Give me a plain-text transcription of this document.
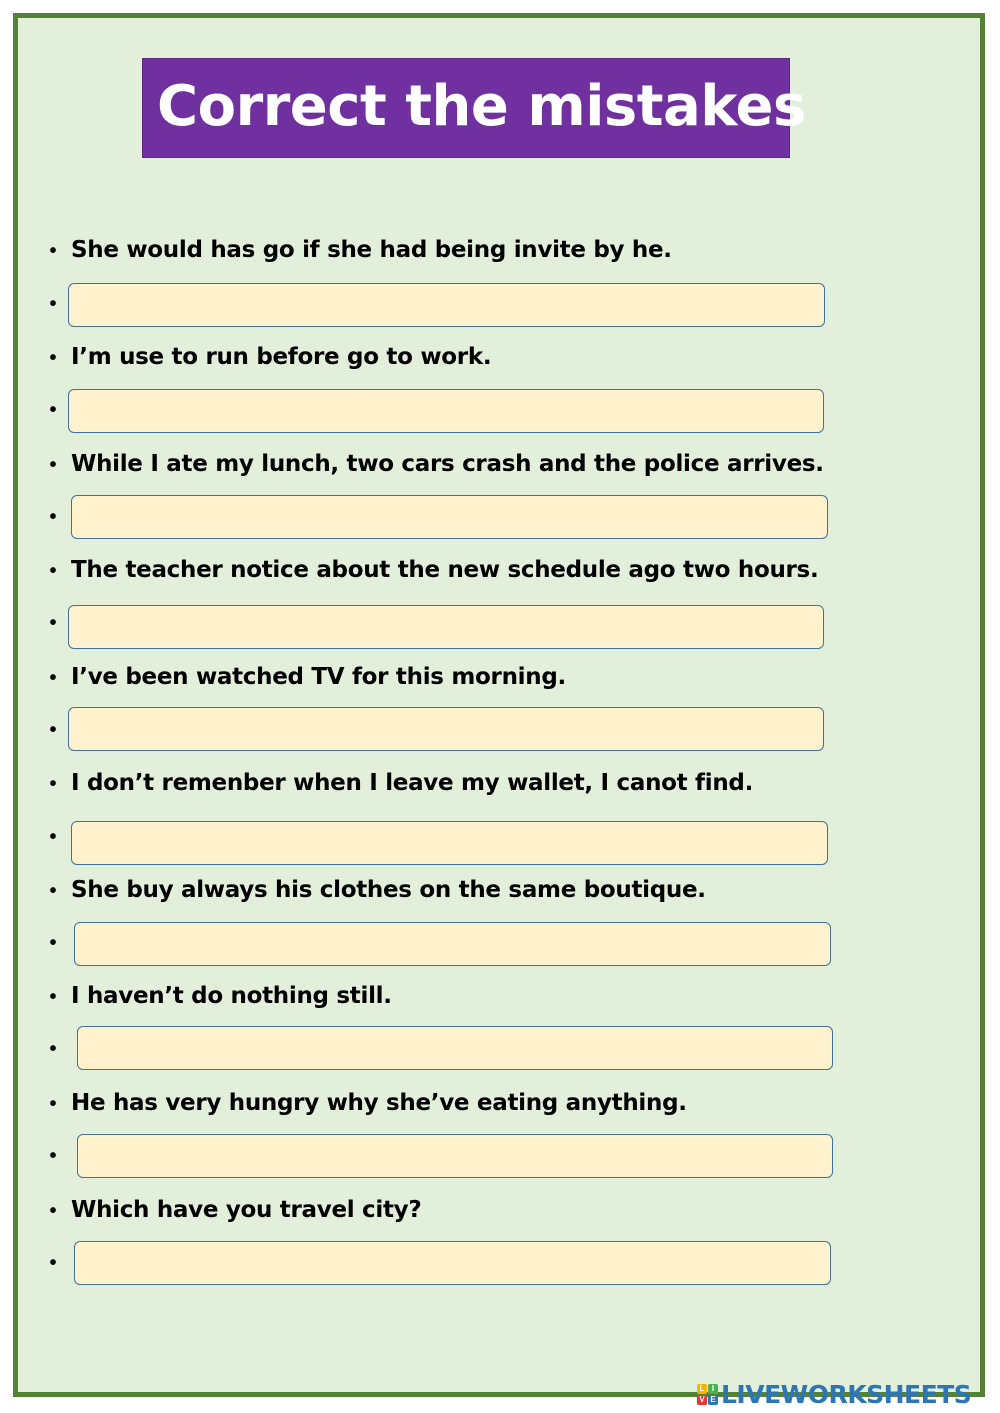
Correct the mistakes
• She would has go if she had being invite by he.
•
• I’m use to run before go to work.
•
• While I ate my lunch, two cars crash and the police arrives.
•
• The teacher notice about the new schedule ago two hours.
•
• I’ve been watched TV for this morning.
•
• I don’t remenber when I leave my wallet, I canot find.
•
• She buy always his clothes on the same boutique.
•
• I haven’t do nothing still.
•
• He has very hungry why she’ve eating anything.
•
• Which have you travel city?
•
L I
V E LIVEWORKSHEETS
